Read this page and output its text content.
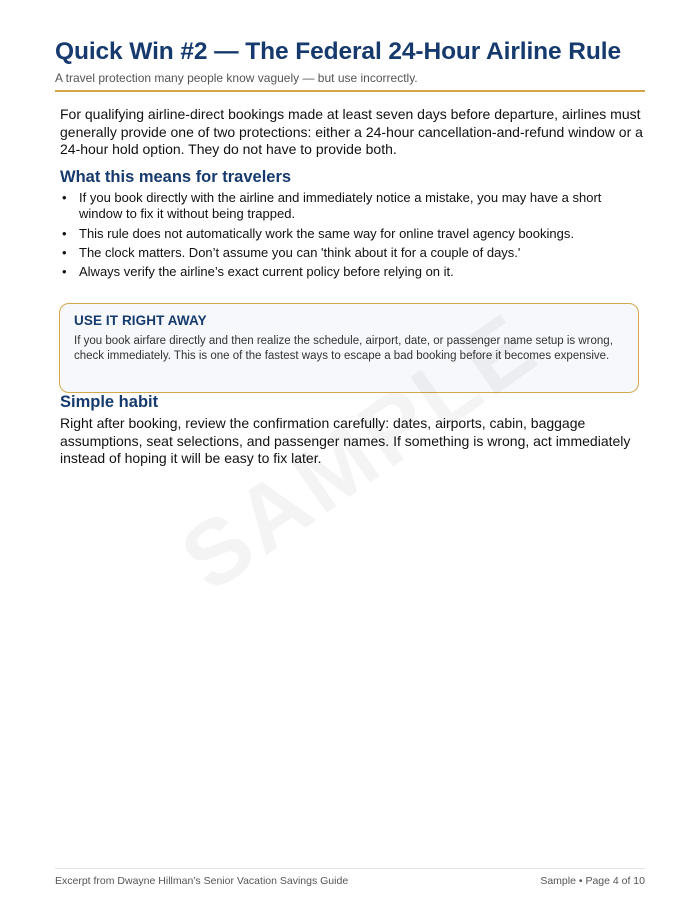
Quick Win #2 — The Federal 24-Hour Airline Rule
A travel protection many people know vaguely — but use incorrectly.

For qualifying airline-direct bookings made at least seven days before departure, airlines must generally provide one of two protections: either a 24-hour cancellation-and-refund window or a 24-hour hold option. They do not have to provide both.

What this means for travelers
• If you book directly with the airline and immediately notice a mistake, you may have a short window to fix it without being trapped.
• This rule does not automatically work the same way for online travel agency bookings.
• The clock matters. Don’t assume you can 'think about it for a couple of days.'
• Always verify the airline’s exact current policy before relying on it.
USE IT RIGHT AWAY

If you book airfare directly and then realize the schedule, airport, date, or passenger name setup is wrong, check immediately. This is one of the fastest ways to escape a bad booking before it becomes expensive.

Simple habit

Right after booking, review the confirmation carefully: dates, airports, cabin, baggage assumptions, seat selections, and passenger names. If something is wrong, act immediately instead of hoping it will be easy to fix later.

Excerpt from Dwayne Hillman’s Senior Vacation Savings Guide	Sample • Page 4 of 10
